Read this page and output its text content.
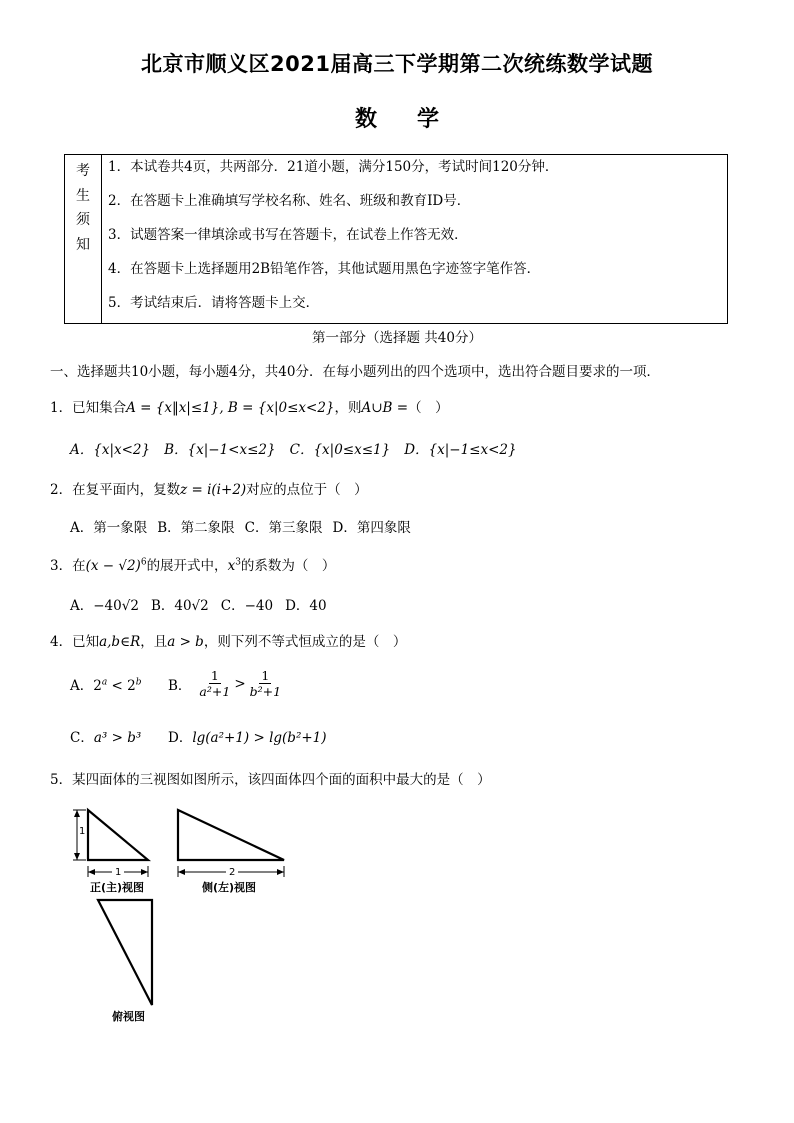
北京市顺义区2021届高三下学期第二次统练数学试题
数学
考
生
须
知
1．本试卷共4页，共两部分．21道小题，满分150分，考试时间120分钟．
2．在答题卡上准确填写学校名称、姓名、班级和教育ID号．
3．试题答案一律填涂或书写在答题卡，在试卷上作答无效．
4．在答题卡上选择题用2B铅笔作答，其他试题用黑色字迹签字笔作答．
5．考试结束后．请将答题卡上交．
第一部分（选择题 共40分）
一、选择题共10小题，每小题4分，共40分．在每小题列出的四个选项中，选出符合题目要求的一项．
1．已知集合A = {x‖x|≤1}, B = {x|0≤x<2}，则A∪B =（　）
A．{x|x<2} B．{x|−1<x≤2} C．{x|0≤x≤1} D．{x|−1≤x<2}
2．在复平面内，复数z = i(i+2)对应的点位于（　）
A．第一象限 B．第二象限 C．第三象限 D．第四象限
3．在$(x - √2)^6$的展开式中，$x^3$的系数为（　）
A．−40√2 B．40√2 C．−40 D．40
4．已知a,b∈R，且a > b，则下列不等式恒成立的是（　）
A．$2^a < 2^b$	B． $\frac{1}{\text{a²+1}} > \frac{1}{\text{b²+1}}$
C．a³ > b³ D．lg(a²+1) > lg(b²+1)
5．某四面体的三视图如图所示，该四面体四个面的面积中最大的是（　）
1
1
正(主)视图
2
侧(左)视图
俯视图
